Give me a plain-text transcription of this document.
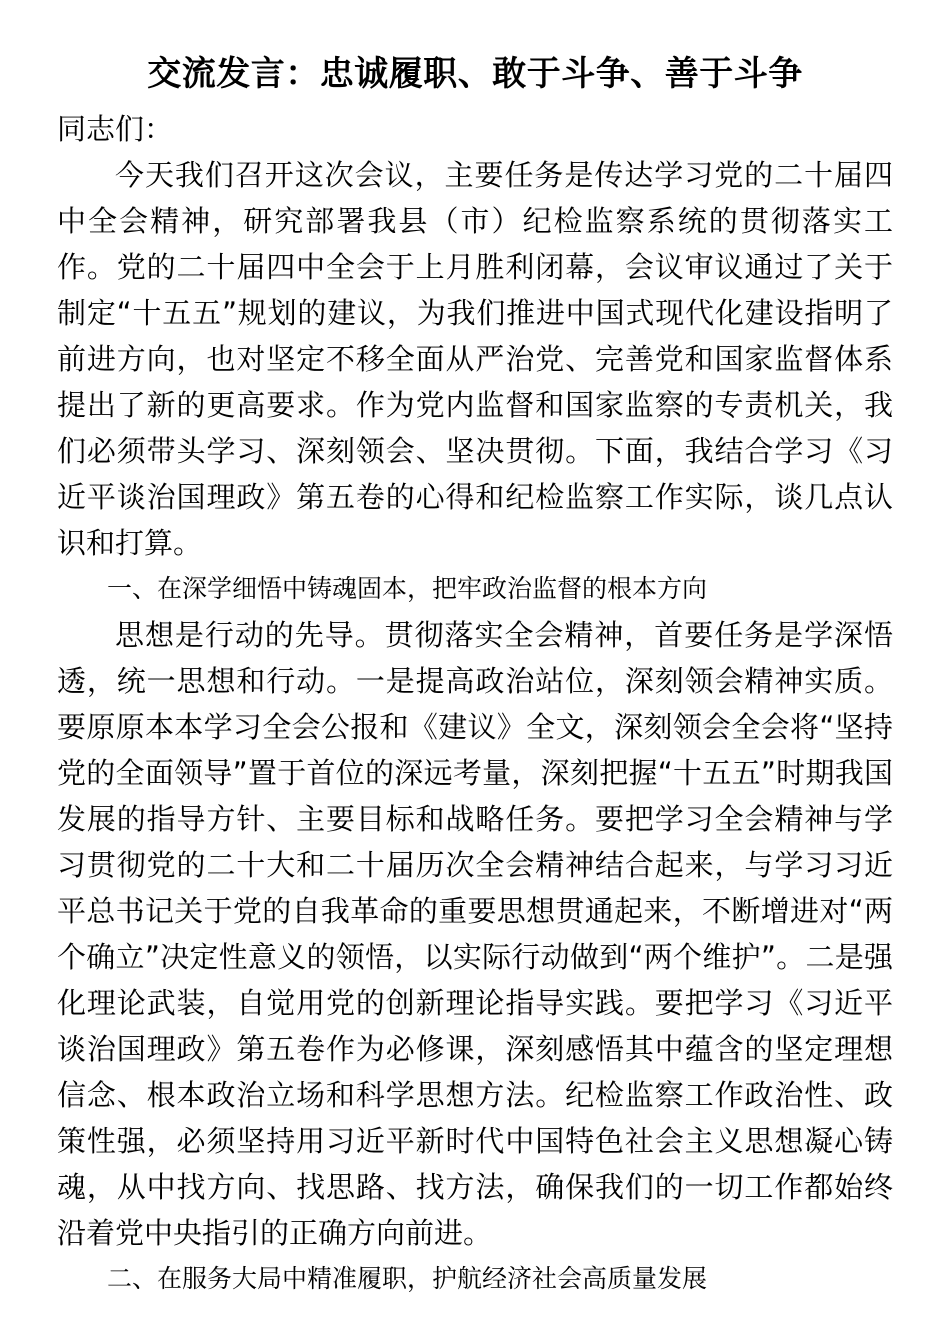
交流发言：忠诚履职、敢于斗争、善于斗争

同志们：

今天我们召开这次会议，主要任务是传达学习党的二十届四中全会精神，研究部署我县（市）纪检监察系统的贯彻落实工作。党的二十届四中全会于上月胜利闭幕，会议审议通过了关于制定“十五五”规划的建议，为我们推进中国式现代化建设指明了前进方向，也对坚定不移全面从严治党、完善党和国家监督体系提出了新的更高要求。作为党内监督和国家监察的专责机关，我们必须带头学习、深刻领会、坚决贯彻。下面，我结合学习《习近平谈治国理政》第五卷的心得和纪检监察工作实际，谈几点认识和打算。

一、在深学细悟中铸魂固本，把牢政治监督的根本方向

思想是行动的先导。贯彻落实全会精神，首要任务是学深悟透，统一思想和行动。一是提高政治站位，深刻领会精神实质。要原原本本学习全会公报和《建议》全文，深刻领会全会将“坚持党的全面领导”置于首位的深远考量，深刻把握“十五五”时期我国发展的指导方针、主要目标和战略任务。要把学习全会精神与学习贯彻党的二十大和二十届历次全会精神结合起来，与学习习近平总书记关于党的自我革命的重要思想贯通起来，不断增进对“两个确立”决定性意义的领悟，以实际行动做到“两个维护”。二是强化理论武装，自觉用党的创新理论指导实践。要把学习《习近平谈治国理政》第五卷作为必修课，深刻感悟其中蕴含的坚定理想信念、根本政治立场和科学思想方法。纪检监察工作政治性、政策性强，必须坚持用习近平新时代中国特色社会主义思想凝心铸魂，从中找方向、找思路、找方法，确保我们的一切工作都始终沿着党中央指引的正确方向前进。

二、在服务大局中精准履职，护航经济社会高质量发展
